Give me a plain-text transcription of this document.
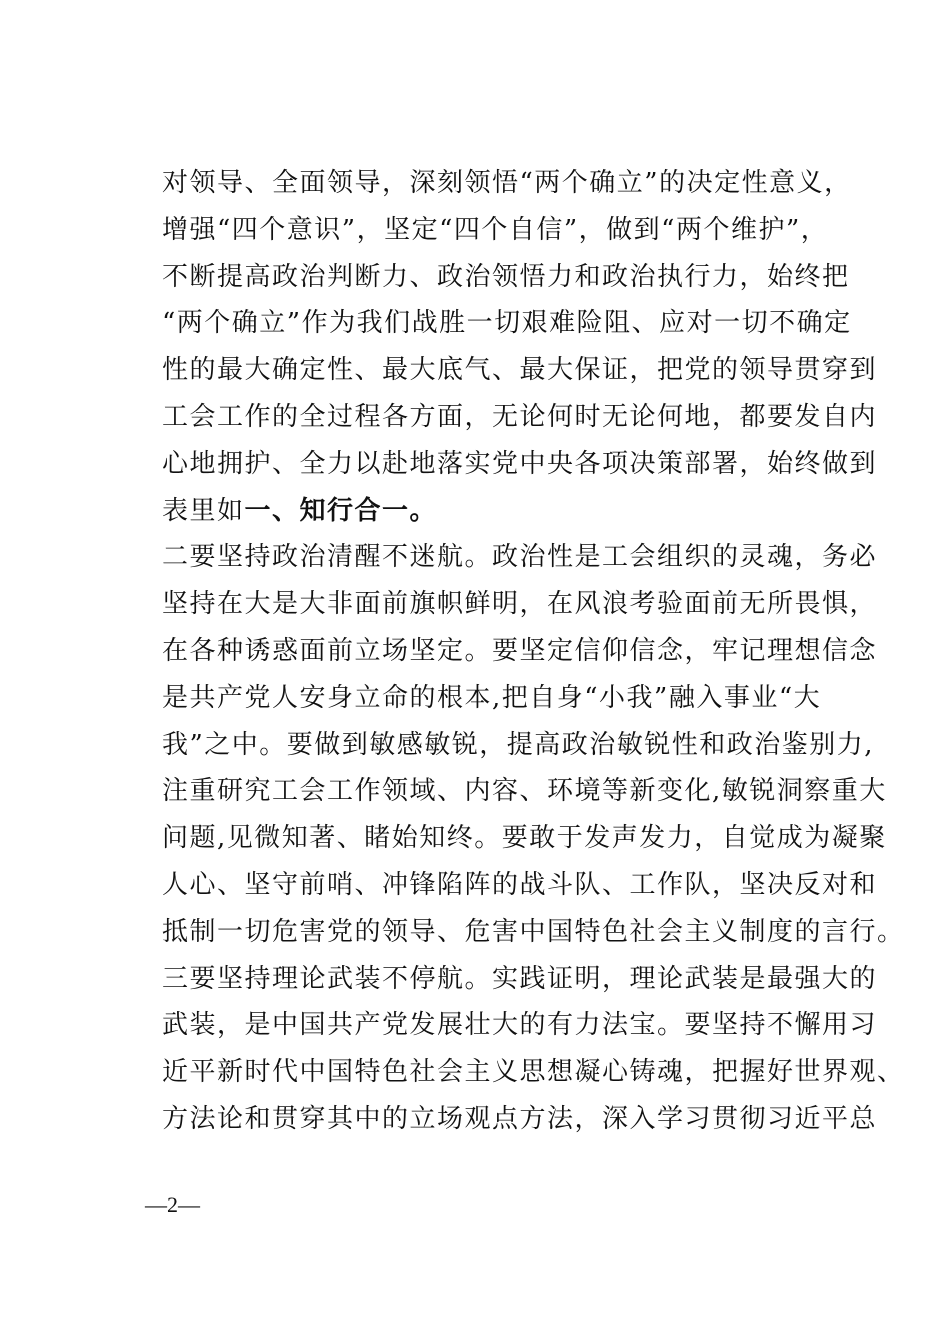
对领导、全面领导，深刻领悟“两个确立”的决定性意义，
增强“四个意识”，坚定“四个自信”，做到“两个维护”，
不断提高政治判断力、政治领悟力和政治执行力，始终把
“两个确立”作为我们战胜一切艰难险阻、应对一切不确定
性的最大确定性、最大底气、最大保证，把党的领导贯穿到
工会工作的全过程各方面，无论何时无论何地，都要发自内
心地拥护、全力以赴地落实党中央各项决策部署，始终做到
表里如一、知行合一。
二要坚持政治清醒不迷航。政治性是工会组织的灵魂，务必
坚持在大是大非面前旗帜鲜明，在风浪考验面前无所畏惧，
在各种诱惑面前立场坚定。要坚定信仰信念，牢记理想信念
是共产党人安身立命的根本,把自身“小我”融入事业“大
我”之中。要做到敏感敏锐，提高政治敏锐性和政治鉴别力,
注重研究工会工作领域、内容、环境等新变化,敏锐洞察重大
问题,见微知著、睹始知终。要敢于发声发力，自觉成为凝聚
人心、坚守前哨、冲锋陷阵的战斗队、工作队，坚决反对和
抵制一切危害党的领导、危害中国特色社会主义制度的言行。
三要坚持理论武装不停航。实践证明，理论武装是最强大的
武装，是中国共产党发展壮大的有力法宝。要坚持不懈用习
近平新时代中国特色社会主义思想凝心铸魂，把握好世界观、
方法论和贯穿其中的立场观点方法，深入学习贯彻习近平总
—2—
